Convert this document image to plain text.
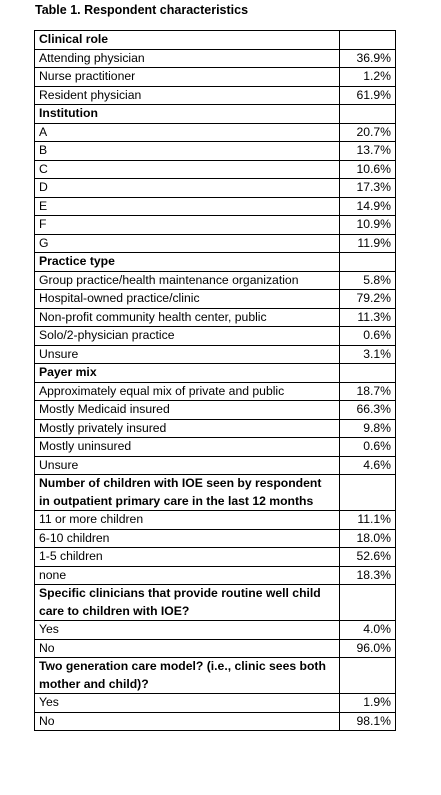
Table 1. Respondent characteristics
Clinical role	
Attending physician	36.9%
Nurse practitioner	1.2%
Resident physician	61.9%
Institution	
A	20.7%
B	13.7%
C	10.6%
D	17.3%
E	14.9%
F	10.9%
G	11.9%
Practice type	
Group practice/health maintenance organization	5.8%
Hospital-owned practice/clinic	79.2%
Non-profit community health center, public	11.3%
Solo/2-physician practice	0.6%
Unsure	3.1%
Payer mix	
Approximately equal mix of private and public	18.7%
Mostly Medicaid insured	66.3%
Mostly privately insured	9.8%
Mostly uninsured	0.6%
Unsure	4.6%
Number of children with IOE seen by respondent in outpatient primary care in the last 12 months	
11 or more children	11.1%
6-10 children	18.0%
1-5 children	52.6%
none	18.3%
Specific clinicians that provide routine well child care to children with IOE?	
Yes	4.0%
No	96.0%
Two generation care model? (i.e., clinic sees both mother and child)?	
Yes	1.9%
No	98.1%
